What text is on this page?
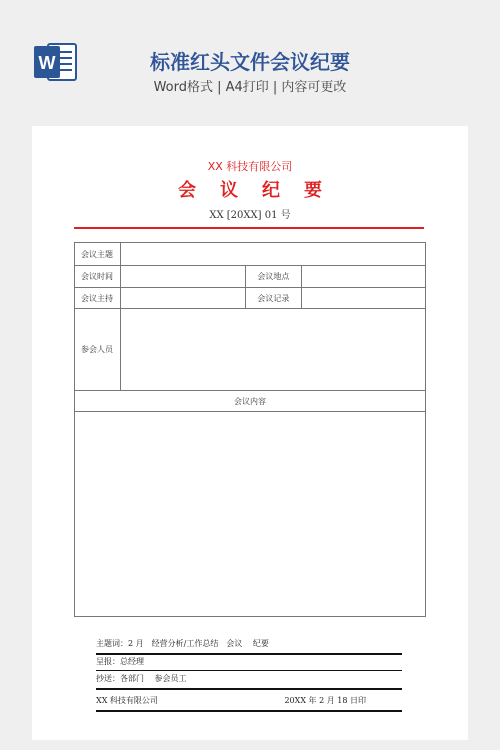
W	标准红头文件会议纪要
Word格式 | A4打印 | 内容可更改
XX 科技有限公司
会 议 纪 要
XX [20XX] 01 号
会议主题			
会议时间		会议地点	
会议主持		会议记录	
参会人员			
会议内容			

主题词：2 月　经营分析/工作总结　会议　 纪要
呈报：总经理
抄送：各部门　 参会员工
XX 科技有限公司	20XX 年 2 月 18 日印
